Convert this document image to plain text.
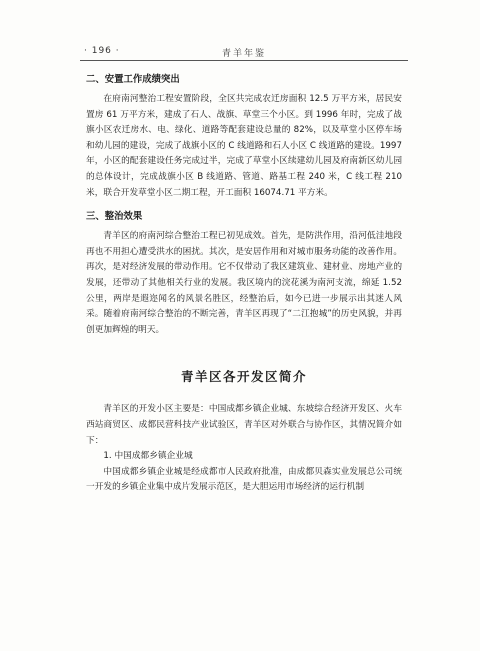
· 196 ·	青羊年鉴
二、安置工作成绩突出

在府南河整治工程安置阶段，全区共完成农迁房面积 12.5 万平方米，居民安置房 61 万平方米，建成了石人、战旗、草堂三个小区。到 1996 年时，完成了战旗小区农迁房水、电、绿化、道路等配套建设总量的 82%，以及草堂小区停车场和幼儿园的建设，完成了战旗小区的 C 线道路和石人小区 C 线道路的建设。1997 年，小区的配套建设任务完成过半，完成了草堂小区续建幼儿园及府南新区幼儿园的总体设计，完成战旗小区 B 线道路、管道、路基工程 240 米，C 线工程 210 米，联合开发草堂小区二期工程，开工面积 16074.71 平方米。

三、整治效果

青羊区的府南河综合整治工程已初见成效。首先，是防洪作用，沿河低洼地段再也不用担心遭受洪水的困扰。其次，是安居作用和对城市服务功能的改善作用。再次，是对经济发展的带动作用。它不仅带动了我区建筑业、建材业、房地产业的发展，还带动了其他相关行业的发展。我区境内的浣花溪为南河支流，绵延 1.52 公里，两岸是遐迩闻名的风景名胜区，经整治后，如今已进一步展示出其迷人风采。随着府南河综合整治的不断完善，青羊区再现了“二江抱城”的历史风貌，并再创更加辉煌的明天。

青羊区各开发区简介

青羊区的开发小区主要是：中国成都乡镇企业城、东坡综合经济开发区、火车西站商贸区、成都民营科技产业试验区，青羊区对外联合与协作区，其情况简介如下：

1. 中国成都乡镇企业城

中国成都乡镇企业城是经成都市人民政府批准，由成都贝森实业发展总公司统一开发的乡镇企业集中成片发展示范区，是大胆运用市场经济的运行机制
